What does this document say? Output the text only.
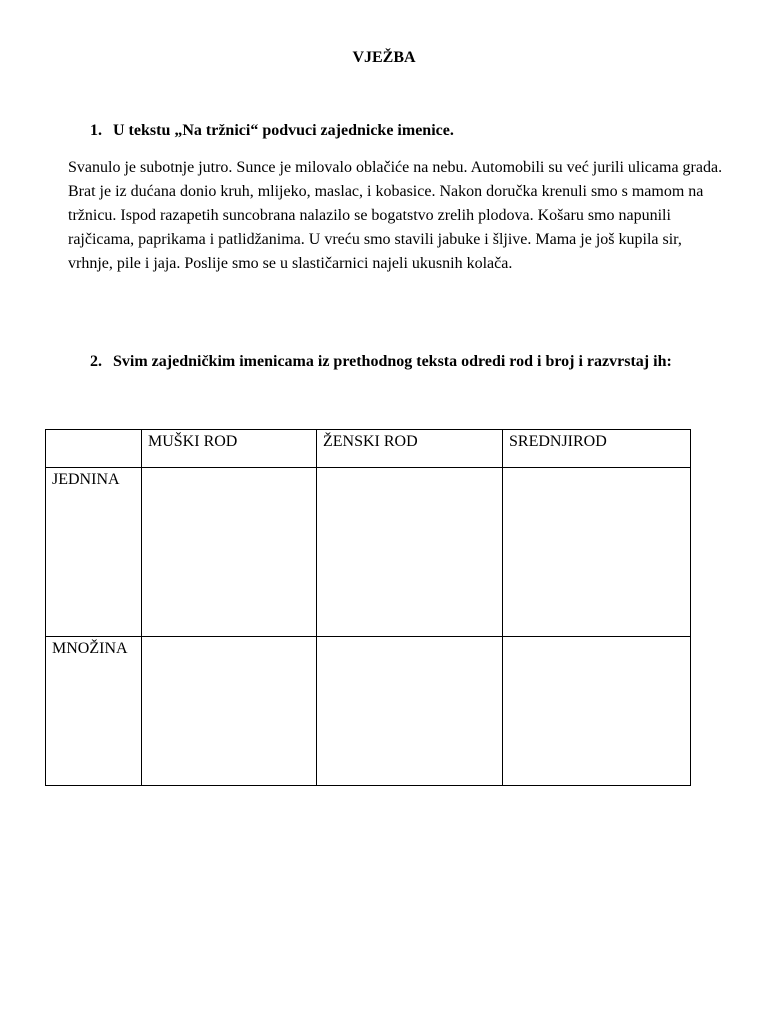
VJEŽBA
1. U tekstu „Na tržnici“ podvuci zajednicke imenice.
Svanulo je subotnje jutro. Sunce je milovalo oblačiće na nebu. Automobili su već jurili ulicama grada. Brat je iz dućana donio kruh, mlijeko, maslac, i kobasice. Nakon doručka krenuli smo s mamom na tržnicu. Ispod razapetih suncobrana nalazilo se bogatstvo zrelih plodova. Košaru smo napunili rajčicama, paprikama i patlidžanima. U vreću smo stavili jabuke i šljive. Mama je još kupila sir, vrhnje, pile i jaja. Poslije smo se u slastičarnici najeli ukusnih kolača.
2. Svim zajedničkim imenicama iz prethodnog teksta odredi rod i broj i razvrstaj ih:
	MUŠKI ROD	ŽENSKI ROD	SREDNJIROD
JEDNINA			
MNOŽINA			
